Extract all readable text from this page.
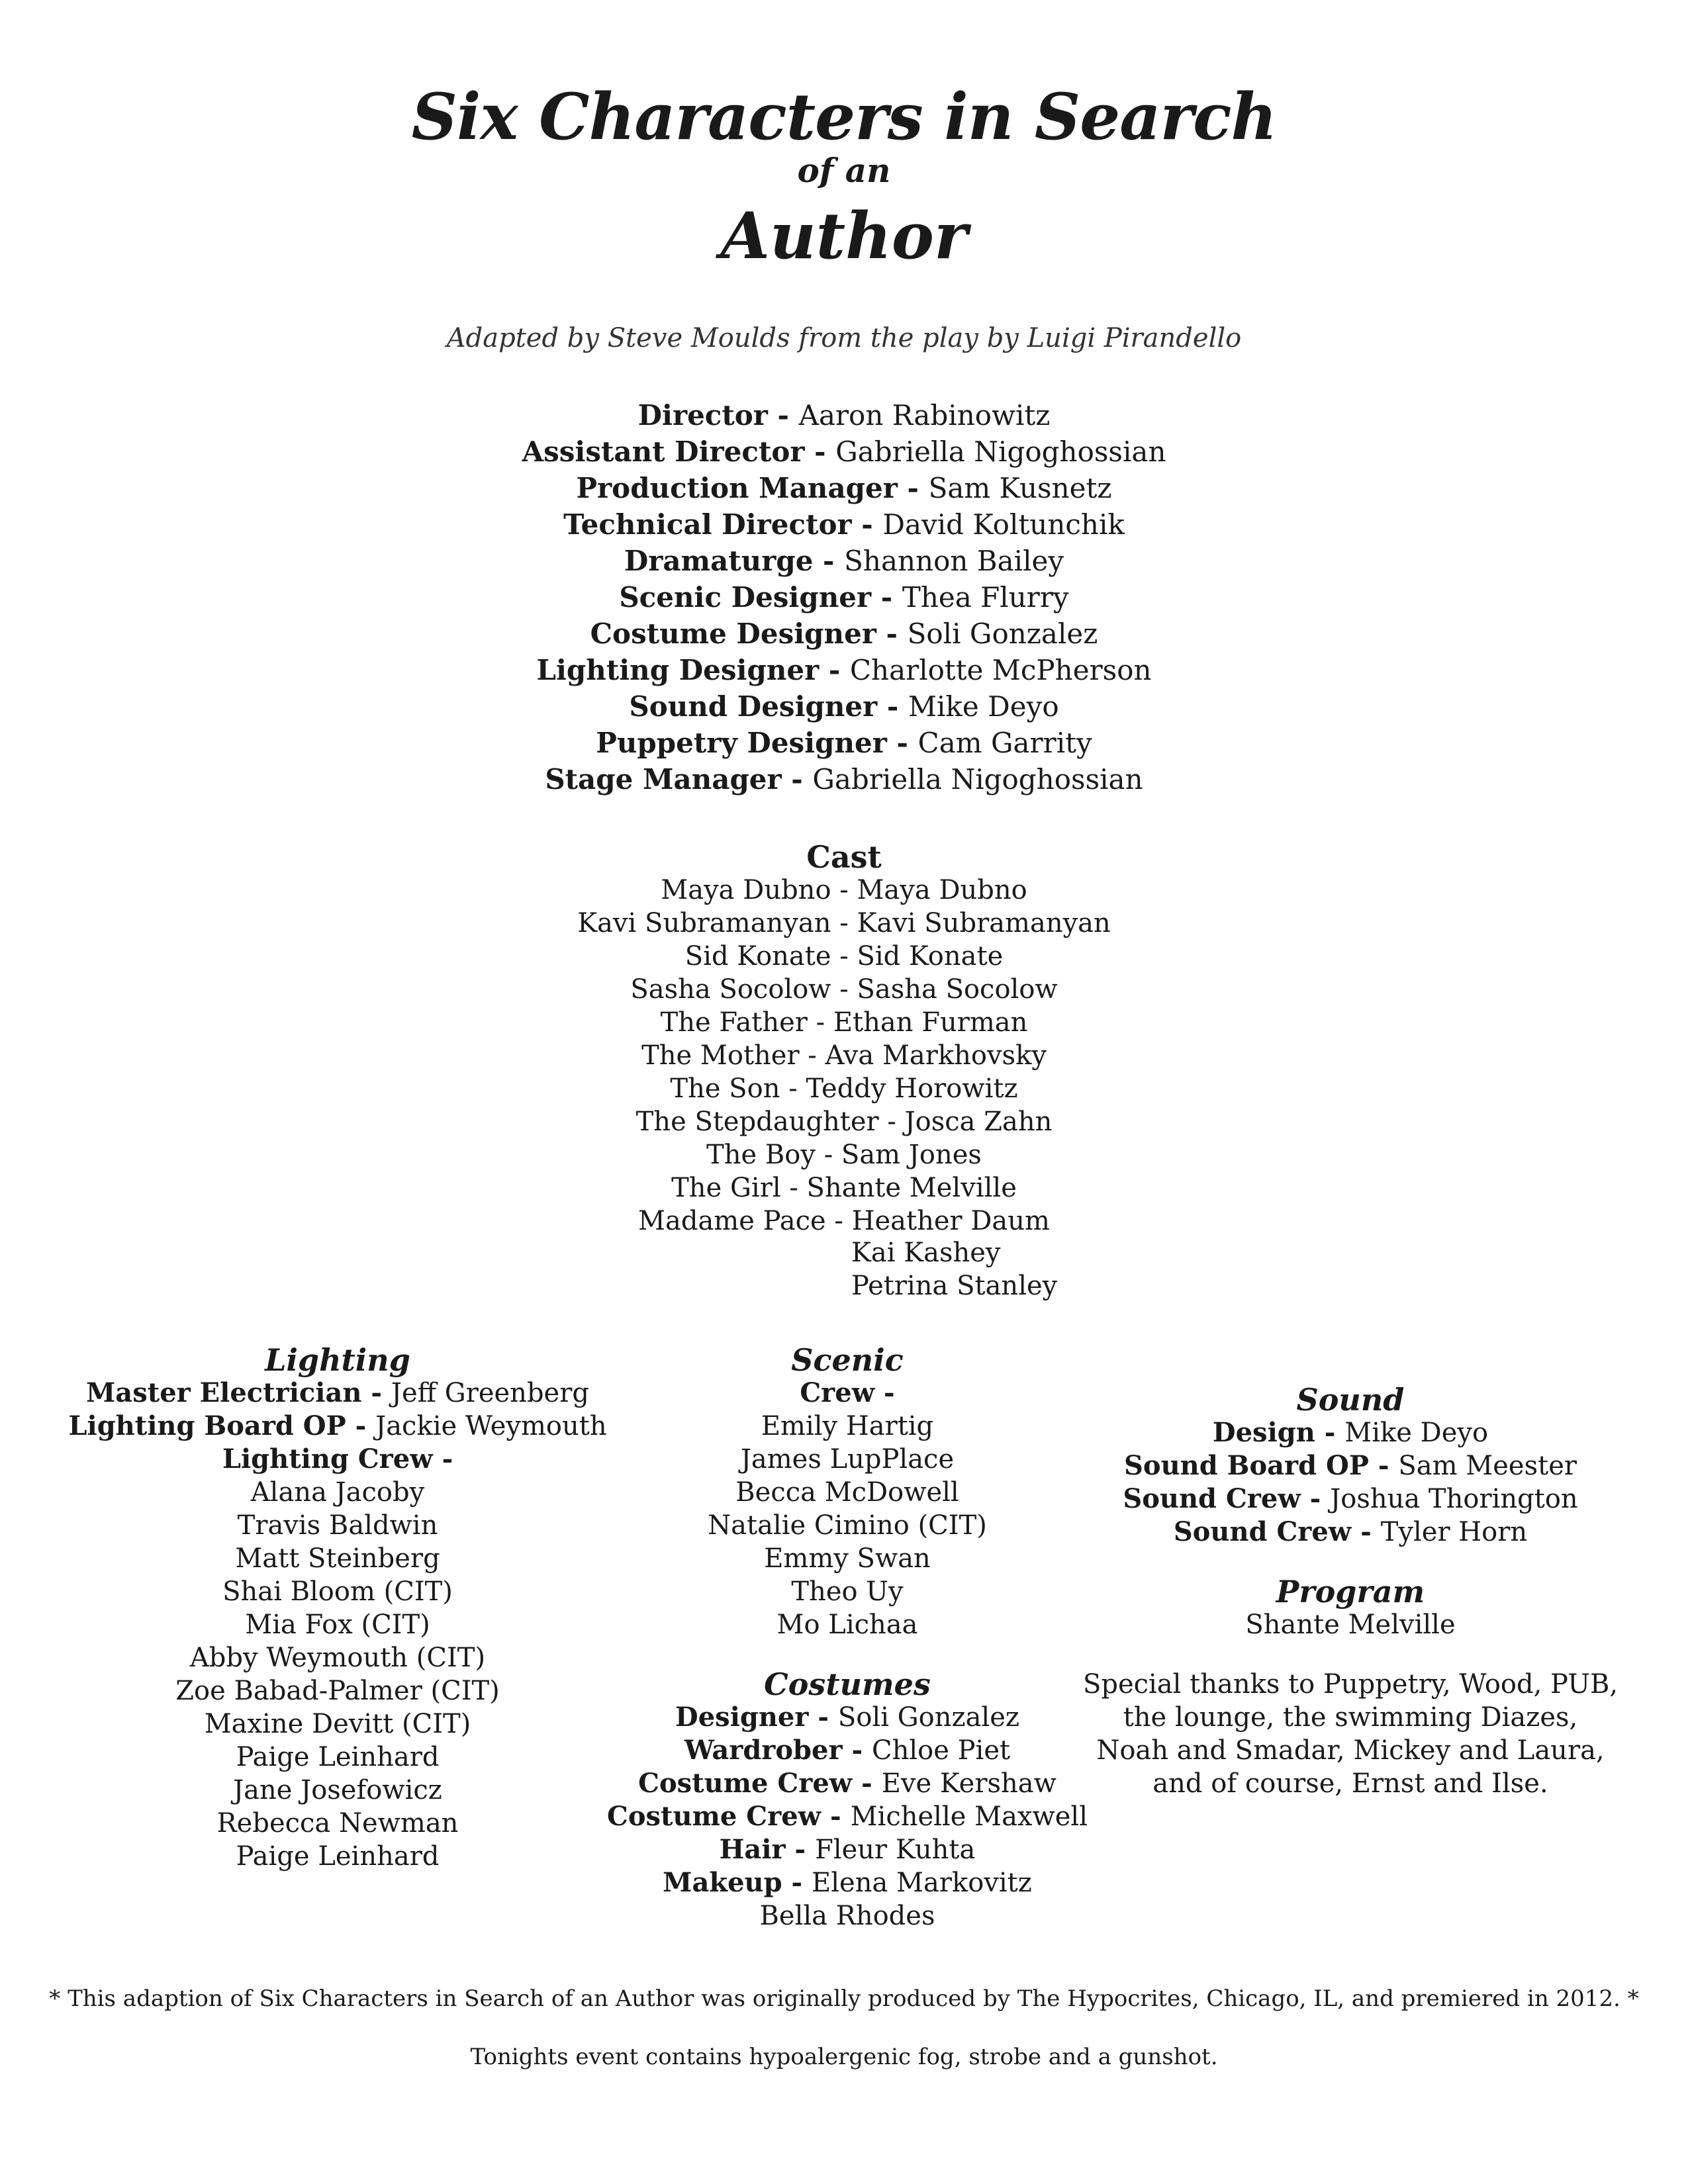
Six Characters in Search
of an
Author
Adapted by Steve Moulds from the play by Luigi Pirandello
Director - Aaron Rabinowitz
Assistant Director - Gabriella Nigoghossian
Production Manager - Sam Kusnetz
Technical Director - David Koltunchik
Dramaturge - Shannon Bailey
Scenic Designer - Thea Flurry
Costume Designer - Soli Gonzalez
Lighting Designer - Charlotte McPherson
Sound Designer - Mike Deyo
Puppetry Designer - Cam Garrity
Stage Manager - Gabriella Nigoghossian
Cast
Maya Dubno - Maya Dubno
Kavi Subramanyan - Kavi Subramanyan
Sid Konate - Sid Konate
Sasha Socolow - Sasha Socolow
The Father - Ethan Furman
The Mother - Ava Markhovsky
The Son - Teddy Horowitz
The Stepdaughter - Josca Zahn
The Boy - Sam Jones
The Girl - Shante Melville
Madame Pace - Heather Daum
Kai Kashey
Petrina Stanley
Lighting
Master Electrician - Jeff Greenberg
Lighting Board OP - Jackie Weymouth
Lighting Crew -
Alana Jacoby
Travis Baldwin
Matt Steinberg
Shai Bloom (CIT)
Mia Fox (CIT)
Abby Weymouth (CIT)
Zoe Babad-Palmer (CIT)
Maxine Devitt (CIT)
Paige Leinhard
Jane Josefowicz
Rebecca Newman
Paige Leinhard
Scenic
Crew -
Emily Hartig
James LupPlace
Becca McDowell
Natalie Cimino (CIT)
Emmy Swan
Theo Uy
Mo Lichaa
Costumes
Designer - Soli Gonzalez
Wardrober - Chloe Piet
Costume Crew - Eve Kershaw
Costume Crew - Michelle Maxwell
Hair - Fleur Kuhta
Makeup - Elena Markovitz
Bella Rhodes
Sound
Design - Mike Deyo
Sound Board OP - Sam Meester
Sound Crew - Joshua Thorington
Sound Crew - Tyler Horn
Program
Shante Melville
Special thanks to Puppetry, Wood, PUB,
the lounge, the swimming Diazes,
Noah and Smadar, Mickey and Laura,
and of course, Ernst and Ilse.
* This adaption of Six Characters in Search of an Author was originally produced by The Hypocrites, Chicago, IL, and premiered in 2012. *
Tonights event contains hypoalergenic fog, strobe and a gunshot.
